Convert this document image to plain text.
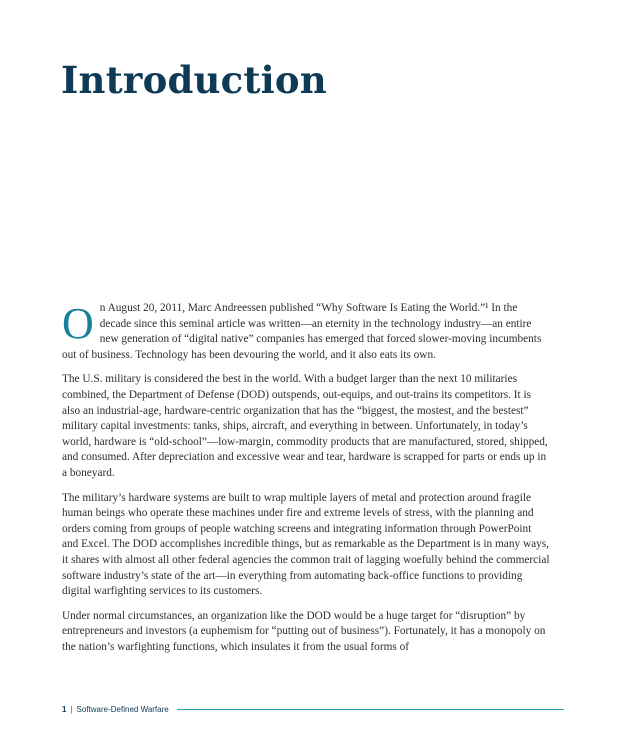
Introduction

On August 20, 2011, Marc Andreessen published “Why Software Is Eating the World.”¹ In the decade since this seminal article was written—an eternity in the technology industry—an entire new generation of “digital native” companies has emerged that forced slower-moving incumbents out of business. Technology has been devouring the world, and it also eats its own.

The U.S. military is considered the best in the world. With a budget larger than the next 10 militaries combined, the Department of Defense (DOD) outspends, out-equips, and out-trains its competitors. It is also an industrial-age, hardware-centric organization that has the “biggest, the mostest, and the bestest” military capital investments: tanks, ships, aircraft, and everything in between. Unfortunately, in today’s world, hardware is “old-school”—low-margin, commodity products that are manufactured, stored, shipped, and consumed. After depreciation and excessive wear and tear, hardware is scrapped for parts or ends up in a boneyard.

The military’s hardware systems are built to wrap multiple layers of metal and protection around fragile human beings who operate these machines under fire and extreme levels of stress, with the planning and orders coming from groups of people watching screens and integrating information through PowerPoint and Excel. The DOD accomplishes incredible things, but as remarkable as the Department is in many ways, it shares with almost all other federal agencies the common trait of lagging woefully behind the commercial software industry’s state of the art—in everything from automating back-office functions to providing digital warfighting services to its customers.

Under normal circumstances, an organization like the DOD would be a huge target for “disruption” by entrepreneurs and investors (a euphemism for “putting out of business”). Fortunately, it has a monopoly on the nation’s warfighting functions, which insulates it from the usual forms of

1 | Software-Defined Warfare
